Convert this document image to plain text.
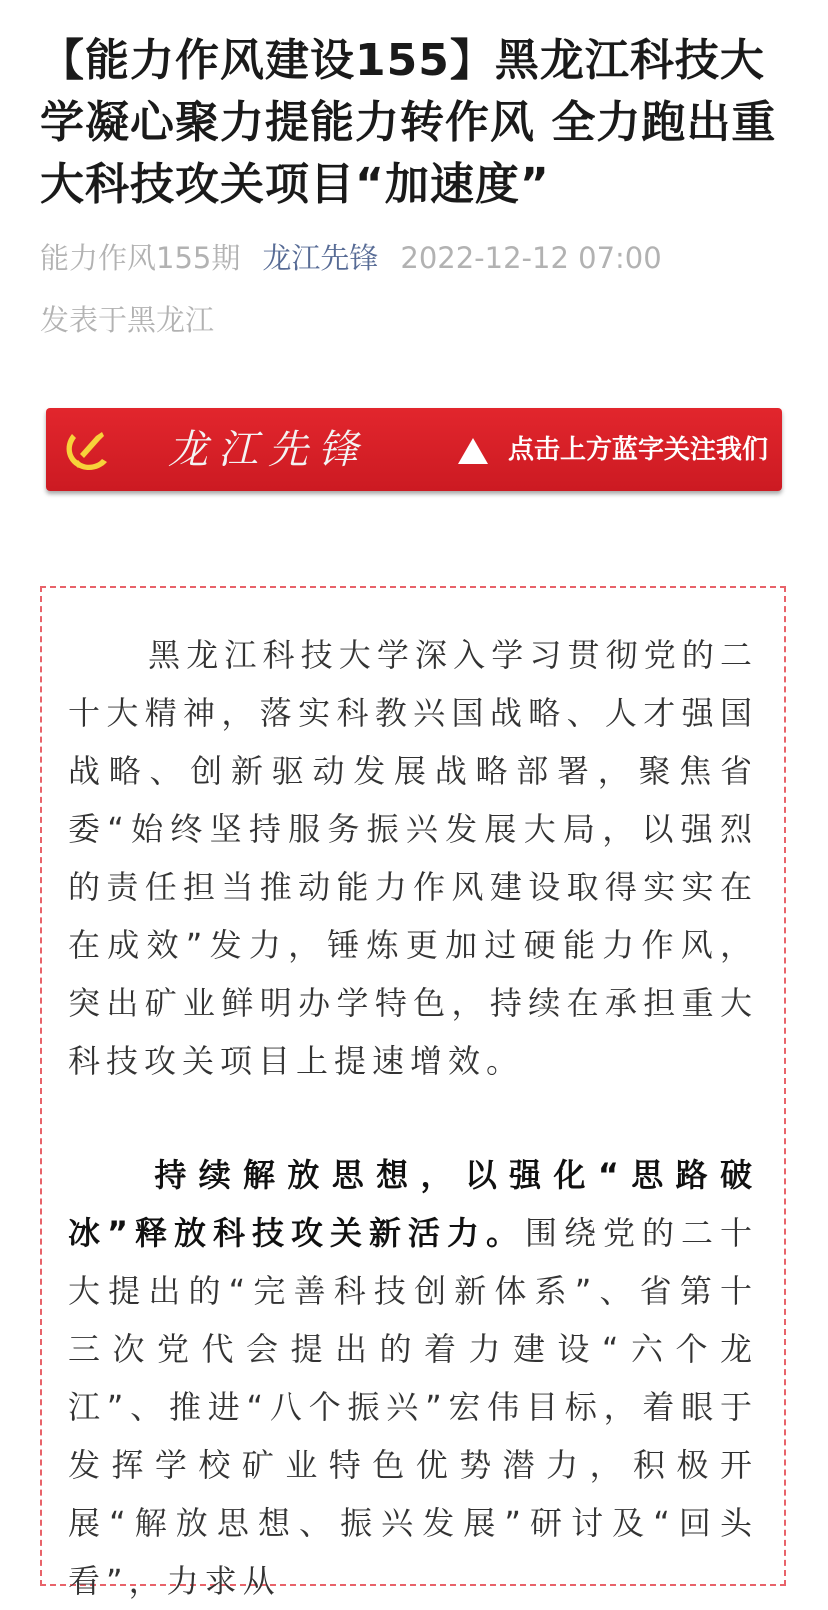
【能力作风建设155】黑龙江科技大学凝心聚力提能力转作风 全力跑出重大科技攻关项目“加速度”
能力作风155期 龙江先锋 2022-12-12 07:00
发表于黑龙江
龙江先锋	点击上方蓝字关注我们

黑龙江科技大学深入学习贯彻党的二十大精神，落实科教兴国战略、人才强国战略、创新驱动发展战略部署，聚焦省委“始终坚持服务振兴发展大局，以强烈的责任担当推动能力作风建设取得实实在在成效”发力，锤炼更加过硬能力作风，突出矿业鲜明办学特色，持续在承担重大科技攻关项目上提速增效。

持续解放思想，以强化“思路破冰”释放科技攻关新活力。围绕党的二十大提出的“完善科技创新体系”、省第十三次党代会提出的着力建设“六个龙江”、推进“八个振兴”宏伟目标，着眼于发挥学校矿业特色优势潜力，积极开展“解放思想、振兴发展”研讨及“回头看”，力求从
